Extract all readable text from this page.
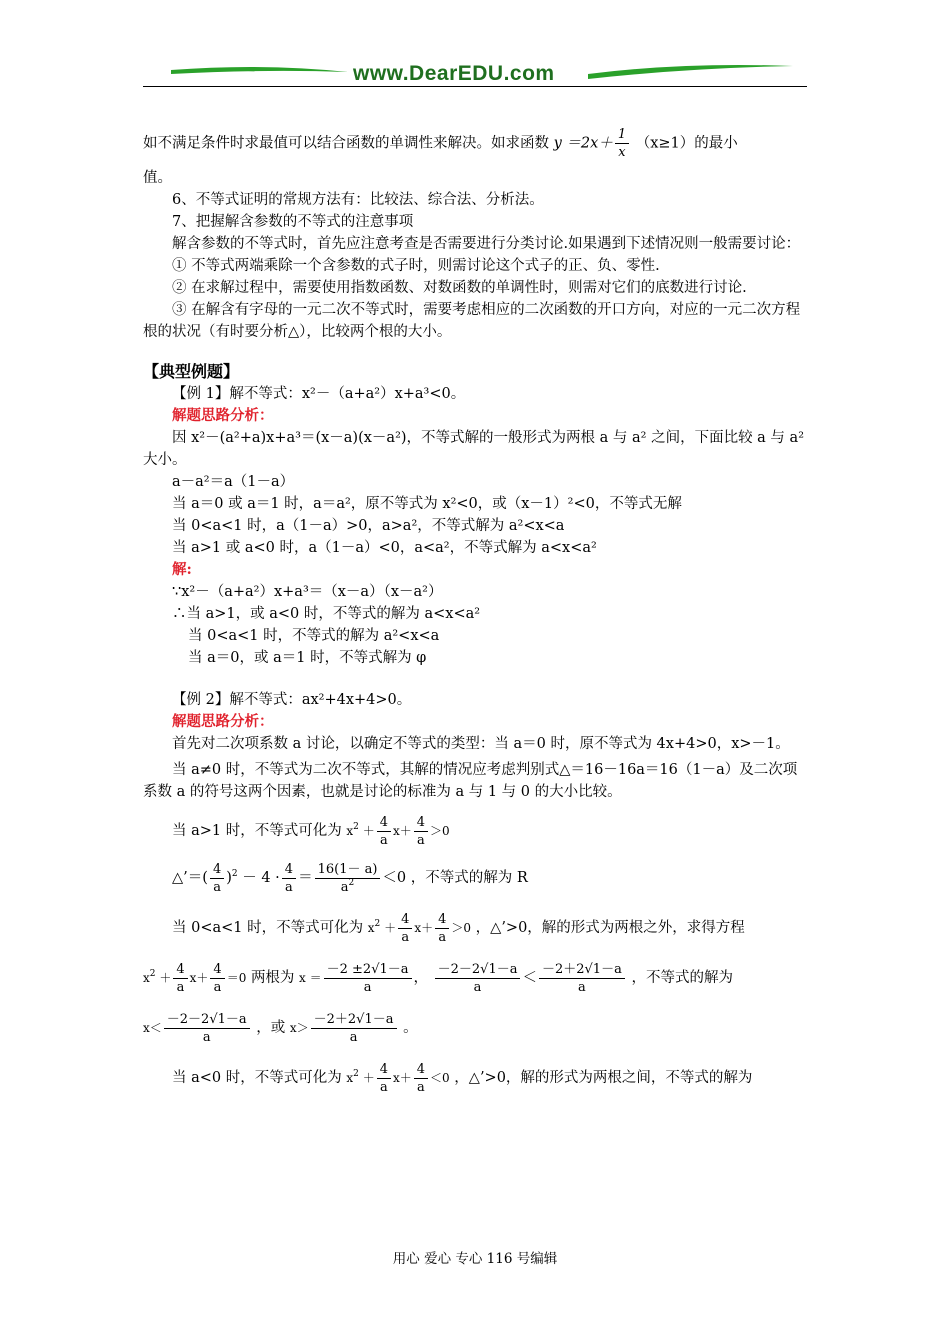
www.DearEDU.com

如不满足条件时求最值可以结合函数的单调性来解决。如求函数 $y =2x+ \frac{1}{x} (x\ge 1)$的最小

值。

6、不等式证明的常规方法有：比较法、综合法、分析法。

7、把握解含参数的不等式的注意事项

解含参数的不等式时，首先应注意考查是否需要进行分类讨论.如果遇到下述情况则一般需要讨论：

① 不等式两端乘除一个含参数的式子时，则需讨论这个式子的正、负、零性.

② 在求解过程中，需要使用指数函数、对数函数的单调性时，则需对它们的底数进行讨论.

③ 在解含有字母的一元二次不等式时，需要考虑相应的二次函数的开口方向，对应的一元二次方程根的状况（有时要分析△），比较两个根的大小。

【典型例题】

【例 1】解不等式：x²－（a+a²）x+a³<0。

解题思路分析：

因 x²－(a²+a)x+a³＝(x－a)(x－a²)，不等式解的一般形式为两根 a 与 a² 之间，下面比较 a 与 a² 大小。

a－a²＝a（1－a）

当 a＝0 或 a＝1 时，a＝a²，原不等式为 x²<0，或（x－1）²<0，不等式无解

当 0<a<1 时，a（1－a）>0，a>a²，不等式解为 a²<x<a

当 a>1 或 a<0 时，a（1－a）<0，a<a²，不等式解为 a<x<a²

解:

∵x²－（a+a²）x+a³＝（x－a）（x－a²）

∴当 a>1，或 a<0 时，不等式的解为 a<x<a²

当 0<a<1 时，不等式的解为 a²<x<a

当 a＝0，或 a＝1 时，不等式解为 φ

【例 2】解不等式：ax²+4x+4>0。

解题思路分析：

首先对二次项系数 a 讨论，以确定不等式的类型：当 a＝0 时，原不等式为 4x+4>0，x>－1。

当 a≠0 时，不等式为二次不等式，其解的情况应考虑判别式△＝16－16a＝16（1－a）及二次项系数 a 的符号这两个因素，也就是讨论的标准为 a 与 1 与 0 的大小比较。

当 a>1 时，不等式可化为 $x^2 + \frac{4}{a} x+ \frac{4}{a} >0$

△’＝( $\frac{4}{a} )^2 - 4 \cdot \frac{4}{a} = \frac{16(1- a)}{a^2} <0$ ，不等式的解为 R

当 0<a<1 时，不等式可化为 $x^2 + \frac{4}{a} x+ \frac{4}{a} >0$ ，△’>0，解的形式为两根之外，求得方程

$x^2 + \frac{4}{a} x+ \frac{4}{a} =0$ 两根为 $x = \frac{-2 \pm 2√1-a}{a}$ ， $\frac{-2-2√1-a}{a} < \frac{-2+2√1-a}{a}$ ，不等式的解为

$x< \frac{-2-2√1-a}{a}$ ，或 $x> \frac{-2+2√1-a}{a}$ 。

当 a<0 时，不等式可化为 $x^2 + \frac{4}{a} x+ \frac{4}{a} <0$ ，△’>0，解的形式为两根之间，不等式的解为

用心 爱心 专心 116 号编辑
